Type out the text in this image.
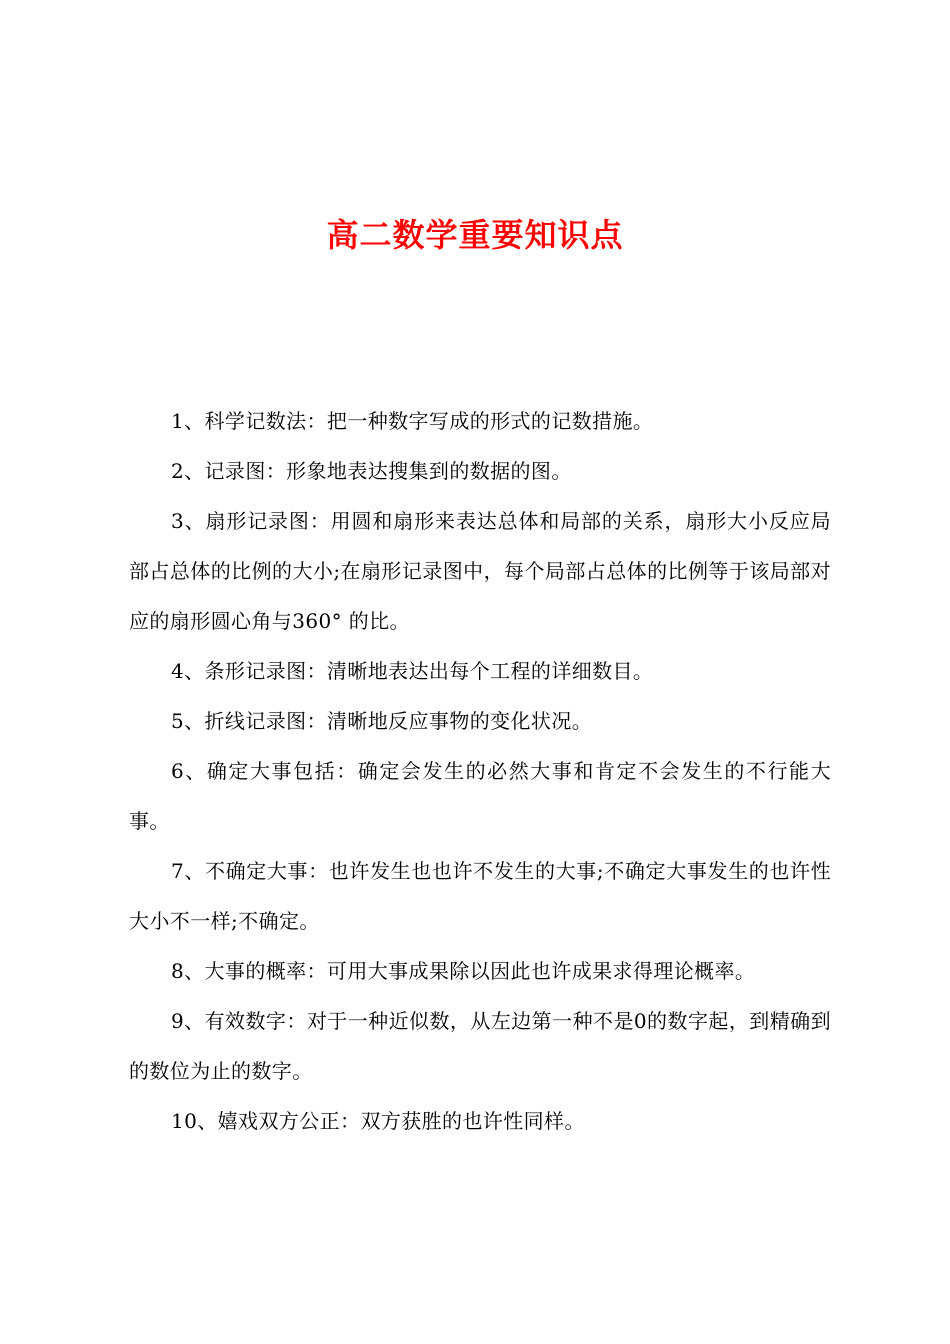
高二数学重要知识点

1、科学记数法：把一种数字写成的形式的记数措施。

2、记录图：形象地表达搜集到的数据的图。

3、扇形记录图：用圆和扇形来表达总体和局部的关系，扇形大小反应局部占总体的比例的大小;在扇形记录图中，每个局部占总体的比例等于该局部对应的扇形圆心角与360° 的比。

4、条形记录图：清晰地表达出每个工程的详细数目。

5、折线记录图：清晰地反应事物的变化状况。

6、确定大事包括：确定会发生的必然大事和肯定不会发生的不行能大事。

7、不确定大事：也许发生也也许不发生的大事;不确定大事发生的也许性大小不一样;不确定。

8、大事的概率：可用大事成果除以因此也许成果求得理论概率。

9、有效数字：对于一种近似数，从左边第一种不是0的数字起，到精确到的数位为止的数字。

10、嬉戏双方公正：双方获胜的也许性同样。
